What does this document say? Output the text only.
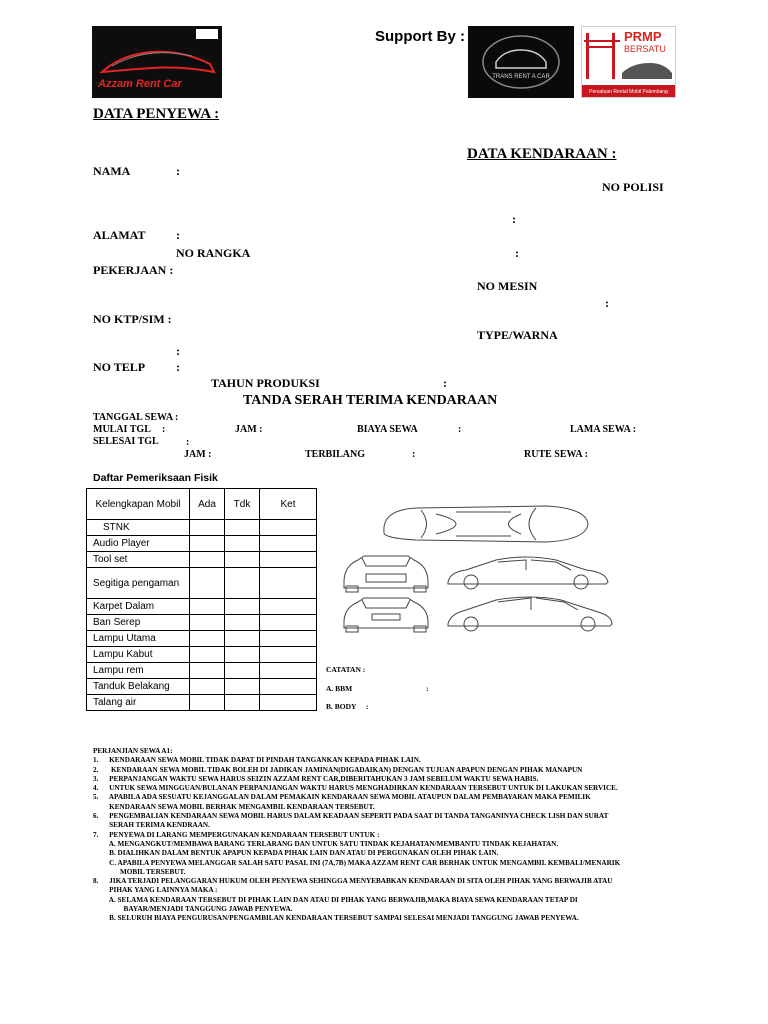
Azzam Rent Car
Support By :
TRANS RENT A CAR
PRMP
BERSATU
Persatuan Rental Mobil Palembang
DATA PENYEWA :
NAMA	:
ALAMAT	:
PEKERJAAN :
NO KTP/SIM :
:
NO TELP	:
DATA KENDARAAN :
NO POLISI
:
NO RANGKA	:
NO MESIN
:
TYPE/WARNA
TAHUN PRODUKSI	:
TANDA SERAH TERIMA KENDARAAN
TANGGAL SEWA :
MULAI TGL :	JAM :	BIAYA SEWA	:	LAMA SEWA :
SELESAI TGL	:
JAM :	TERBILANG	:	RUTE SEWA :
Daftar Pemeriksaan Fisik
Kelengkapan Mobil	Ada	Tdk	Ket
STNK			
Audio Player			
Tool set			
Segitiga pengaman			
Karpet Dalam			
Ban Serep			
Lampu Utama			
Lampu Kabut			
Lampu rem			
Tanduk Belakang			
Talang air			
CATATAN :
A. BBM	:
B. BODY :
PERJANJIAN SEWA A1:
1.      KENDARAAN SEWA MOBIL TIDAK DAPAT DI PINDAH TANGANKAN KEPADA PIHAK LAIN.
2.       KENDARAAN SEWA MOBIL TIDAK BOLEH DI JADIKAN JAMINAN(DIGADAIKAN) DENGAN TUJUAN APAPUN DENGAN PIHAK MANAPUN
3.      PERPANJANGAN WAKTU SEWA HARUS SEIZIN AZZAM RENT CAR,DIBERITAHUKAN 3 JAM SEBELUM WAKTU SEWA HABIS.
4.      UNTUK SEWA MINGGUAN/BULANAN PERPANJANGAN WAKTU HARUS MENGHADIRKAN KENDARAAN TERSEBUT UNTUK DI LAKUKAN SERVICE.
5.      APABILA ADA SESUATU KEJANGGALAN DALAM PEMAKAIN KENDARAAN SEWA MOBIL ATAUPUN DALAM PEMBAYARAN MAKA PEMILIK
KENDARAAN SEWA MOBIL BERHAK MENGAMBIL KENDARAAN TERSEBUT.
6.      PENGEMBALIAN KENDARAAN SEWA MOBIL HARUS DALAM KEADAAN SEPERTI PADA SAAT DI TANDA TANGANINYA CHECK LISH DAN SURAT
SERAH TERIMA KENDRAAN.
7.      PENYEWA DI LARANG MEMPERGUNAKAN KENDARAAN TERSEBUT UNTUK :
A. MENGANGKUT/MEMBAWA BARANG TERLARANG DAN UNTUK SATU TINDAK KEJAHATAN/MEMBANTU TINDAK KEJAHATAN.
B. DIALIHKAN DALAM BENTUK APAPUN KEPADA PIHAK LAIN DAN ATAU DI PERGUNAKAN OLEH PIHAK LAIN.
C. APABILA PENYEWA MELANGGAR SALAH SATU PASAL INI (7A,7B) MAKA AZZAM RENT CAR BERHAK UNTUK MENGAMBIL KEMBALI/MENARIK
MOBIL TERSEBUT.
8.      JIKA TERJADI PELANGGARAN HUKUM OLEH PENYEWA SEHINGGA MENYEBABKAN KENDARAAN DI SITA OLEH PIHAK YANG BERWAJIB ATAU
PIHAK YANG LAINNYA MAKA :
A. SELAMA KENDARAAN TERSEBUT DI PIHAK LAIN DAN ATAU DI PIHAK YANG BERWAJIB,MAKA BIAYA SEWA KENDARAAN TETAP DI
BAYAR/MENJADI TANGGUNG JAWAB PENYEWA.
B. SELURUH BIAYA PENGURUSAN/PENGAMBILAN KENDARAAN TERSEBUT SAMPAI SELESAI MENJADI TANGGUNG JAWAB PENYEWA.
